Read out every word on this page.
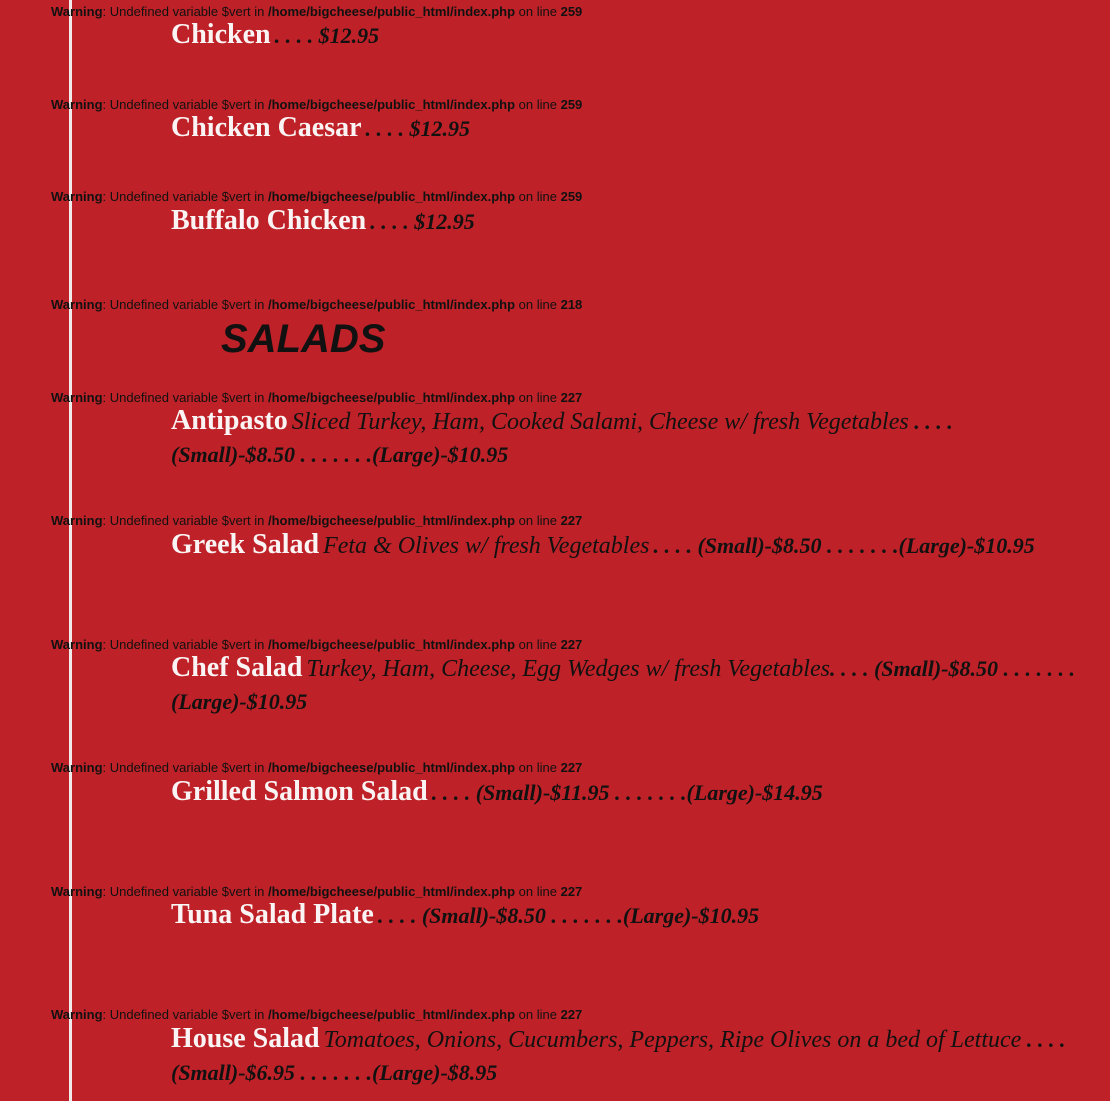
Warning: Undefined variable $vert in /home/bigcheese/public_html/index.php on line 259
Chicken . . . . $12.95
Warning: Undefined variable $vert in /home/bigcheese/public_html/index.php on line 259
Chicken Caesar . . . . $12.95
Warning: Undefined variable $vert in /home/bigcheese/public_html/index.php on line 259
Buffalo Chicken . . . . $12.95
Warning: Undefined variable $vert in /home/bigcheese/public_html/index.php on line 218
SALADS
Warning: Undefined variable $vert in /home/bigcheese/public_html/index.php on line 227
Antipasto Sliced Turkey, Ham, Cooked Salami, Cheese w/ fresh Vegetables . . . .
(Small)-$8.50 . . . . . . .(Large)-$10.95
Warning: Undefined variable $vert in /home/bigcheese/public_html/index.php on line 227
Greek Salad Feta & Olives w/ fresh Vegetables . . . . (Small)-$8.50 . . . . . . .(Large)-$10.95
Warning: Undefined variable $vert in /home/bigcheese/public_html/index.php on line 227
Chef Salad Turkey, Ham, Cheese, Egg Wedges w/ fresh Vegetables. . . . (Small)-$8.50 . . . . . . .
(Large)-$10.95
Warning: Undefined variable $vert in /home/bigcheese/public_html/index.php on line 227
Grilled Salmon Salad . . . . (Small)-$11.95 . . . . . . .(Large)-$14.95
Warning: Undefined variable $vert in /home/bigcheese/public_html/index.php on line 227
Tuna Salad Plate . . . . (Small)-$8.50 . . . . . . .(Large)-$10.95
Warning: Undefined variable $vert in /home/bigcheese/public_html/index.php on line 227
House Salad Tomatoes, Onions, Cucumbers, Peppers, Ripe Olives on a bed of Lettuce . . . .
(Small)-$6.95 . . . . . . .(Large)-$8.95
